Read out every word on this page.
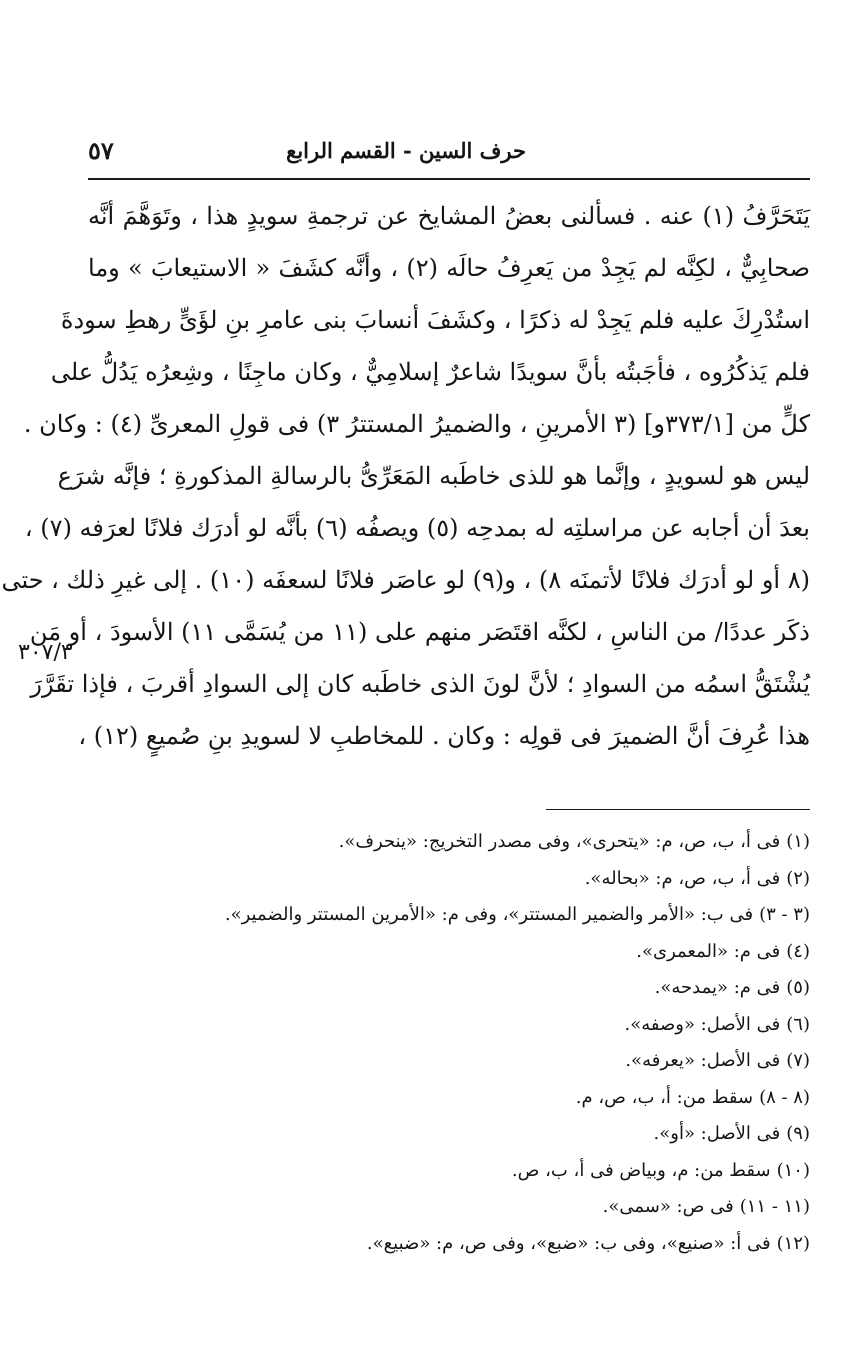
حرف السين - القسم الرابع
٥٧
يَتَحَرَّفُ (١) عنه . فسألنى بعضُ المشايخ عن ترجمةِ سويدٍ هذا ، وتَوَهَّمَ أنَّه
صحابِيٌّ ، لكِنَّه لم يَجِدْ من يَعرِفُ حالَه (٢) ، وأنَّه كشَفَ « الاستيعابَ » وما
استُدْرِكَ عليه فلم يَجِدْ له ذكرًا ، وكشَفَ أنسابَ بنى عامرِ بنِ لؤَىٍّ رهطِ سودةَ
فلم يَذكُرُوه ، فأجَبتُه بأنَّ سويدًا شاعرٌ إسلامِيٌّ ، وكان ماجِنًا ، وشِعرُه يَدُلُّ على
كلٍّ من [٣٧٣/١و] (٣ الأمرينِ ، والضميرُ المستترُ ٣) فى قولِ المعرىِّ (٤) : وكان .
ليس هو لسويدٍ ، وإنَّما هو للذى خاطَبه المَعَرِّىُّ بالرسالةِ المذكورةِ ؛ فإنَّه شرَع
بعدَ أن أجابه عن مراسلتِه له بمدحِه (٥) ويصفُه (٦) بأنَّه لو أدرَك فلانًا لعرَفه (٧) ،
(٨ أو لو أدرَك فلانًا لأتمنَه ٨) ، و(٩) لو عاصَر فلانًا لسعفَه (١٠) . إلى غيرِ ذلك ، حتى
ذكَر عددًا/ من الناسِ ، لكنَّه اقتَصَر منهم على (١١ من يُسَمَّى ١١) الأسودَ ، أو مَن
يُشْتَقُّ اسمُه من السوادِ ؛ لأنَّ لونَ الذى خاطَبه كان إلى السوادِ أقربَ ، فإذا تقَرَّرَ
هذا عُرِفَ أنَّ الضميرَ فى قولِه : وكان . للمخاطبِ لا لسويدِ بنِ صُميعٍ (١٢) ،
٣٠٧/٣
(١)فى أ، ب، ص، م: «يتحرى»، وفى مصدر التخريج: «ينحرف».
(٢)فى أ، ب، ص، م: «بحاله».
(٣ - ٣)فى ب: «الأمر والضمير المستتر»، وفى م: «الأمرين المستتر والضمير».
(٤)فى م: «المعمرى».
(٥)فى م: «يمدحه».
(٦)فى الأصل: «وصفه».
(٧)فى الأصل: «يعرفه».
(٨ - ٨)سقط من: أ، ب، ص، م.
(٩)فى الأصل: «أو».
(١٠)سقط من: م، وبياض فى أ، ب، ص.
(١١ - ١١)فى ص: «سمى».
(١٢)فى أ: «صنيع»، وفى ب: «ضبع»، وفى ص، م: «ضبيع».
